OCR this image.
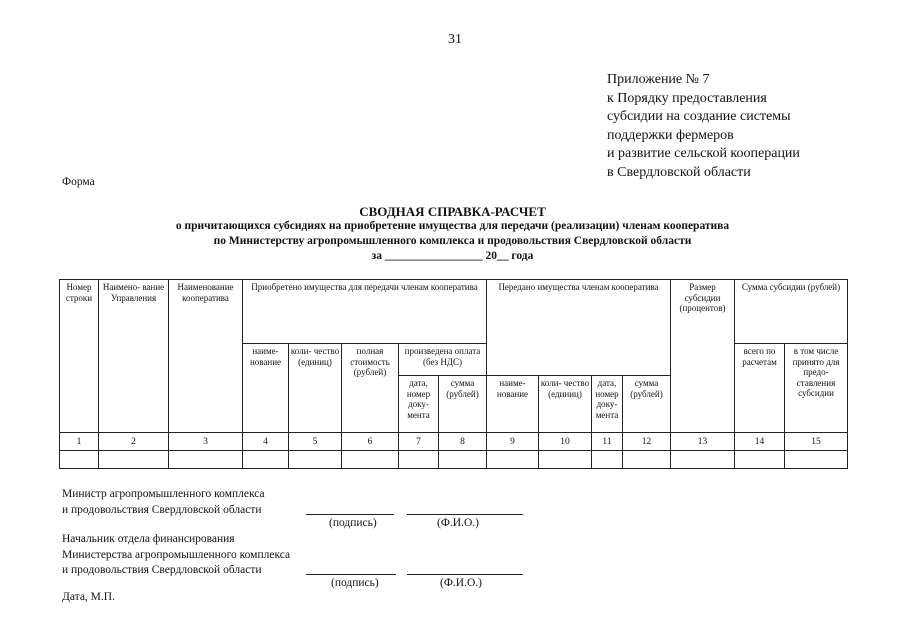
31
Приложение № 7
к Порядку предоставления
субсидии на создание системы
поддержки фермеров
и развитие сельской кооперации
в Свердловской области
Форма
СВОДНАЯ СПРАВКА-РАСЧЕТ
о причитающихся субсидиях на приобретение имущества для передачи (реализации) членам кооператива
по Министерству агропромышленного комплекса и продовольствия Свердловской области
за _________________ 20__ года
Номер строки	Наимено- вание Управления	Наименование кооператива	Приобретено имущества для передачи членам кооператива					Передано имущества членам кооператива				Размер субсидии (процентов)	Сумма субсидии (рублей)	
			наиме- нование	коли- чество (единиц)	полная стоимость (рублей)	произведена оплата (без НДС)							всего по расчетам	в том числе принято для предо- ставления субсидии
						дата, номер доку- мента	сумма (рублей)	наиме- нование	коли- чество (единиц)	дата, номер доку- мента	сумма (рублей)			
1	2	3	4	5	6	7	8	9	10	11	12	13	14	15

Министр агропромышленного комплекса
и продовольствия Свердловской области
(подпись)	(Ф.И.О.)
Начальник отдела финансирования
Министерства агропромышленного комплекса
и продовольствия Свердловской области
(подпись)	(Ф.И.О.)
Дата, М.П.
